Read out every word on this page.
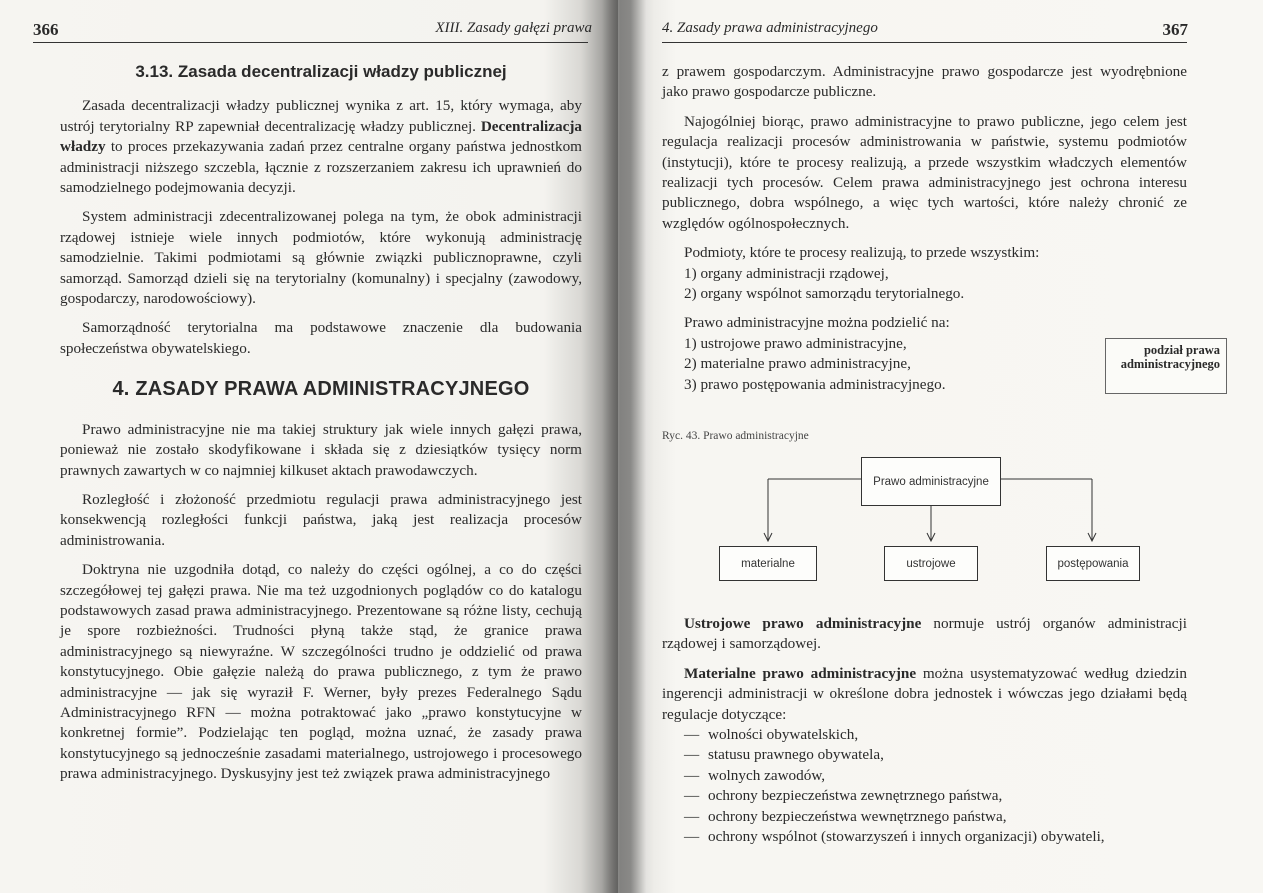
366	XIII. Zasady gałęzi prawa

3.13. Zasada decentralizacji władzy publicznej

Zasada decentralizacji władzy publicznej wynika z art. 15, który wymaga, aby ustrój terytorialny RP zapewniał decentralizację władzy publicznej. Decentralizacja władzy to proces przekazywania zadań przez centralne organy państwa jednostkom administracji niższego szczebla, łącznie z rozszerzaniem zakresu ich uprawnień do samodzielnego podejmowania decyzji.

System administracji zdecentralizowanej polega na tym, że obok administracji rządowej istnieje wiele innych podmiotów, które wykonują administrację samodzielnie. Takimi podmiotami są głównie związki publicznoprawne, czyli samorząd. Samorząd dzieli się na terytorialny (komunalny) i specjalny (zawodowy, gospodarczy, narodowościowy).

Samorządność terytorialna ma podstawowe znaczenie dla budowania społeczeństwa obywatelskiego.

4. ZASADY PRAWA ADMINISTRACYJNEGO

Prawo administracyjne nie ma takiej struktury jak wiele innych gałęzi prawa, ponieważ nie zostało skodyfikowane i składa się z dziesiątków tysięcy norm prawnych zawartych w co najmniej kilkuset aktach prawodawczych.

Rozległość i złożoność przedmiotu regulacji prawa administracyjnego jest konsekwencją rozległości funkcji państwa, jaką jest realizacja procesów administrowania.

Doktryna nie uzgodniła dotąd, co należy do części ogólnej, a co do części szczegółowej tej gałęzi prawa. Nie ma też uzgodnionych poglądów co do katalogu podstawowych zasad prawa administracyjnego. Prezentowane są różne listy, cechują je spore rozbieżności. Trudności płyną także stąd, że granice prawa administracyjnego są niewyraźne. W szczególności trudno je oddzielić od prawa konstytucyjnego. Obie gałęzie należą do prawa publicznego, z tym że prawo administracyjne — jak się wyraził F. Werner, były prezes Federalnego Sądu Administracyjnego RFN — można potraktować jako „prawo konstytucyjne w konkretnej formie”. Podzielając ten pogląd, można uznać, że zasady prawa konstytucyjnego są jednocześnie zasadami materialnego, ustrojowego i procesowego prawa administracyjnego. Dyskusyjny jest też związek prawa administracyjnego

4. Zasady prawa administracyjnego	367

z prawem gospodarczym. Administracyjne prawo gospodarcze jest wyodrębnione jako prawo gospodarcze publiczne.

Najogólniej biorąc, prawo administracyjne to prawo publiczne, jego celem jest regulacja realizacji procesów administrowania w państwie, systemu podmiotów (instytucji), które te procesy realizują, a przede wszystkim władczych elementów realizacji tych procesów. Celem prawa administracyjnego jest ochrona interesu publicznego, dobra wspólnego, a więc tych wartości, które należy chronić ze względów ogólnospołecznych.

Podmioty, które te procesy realizują, to przede wszystkim:

1) organy administracji rządowej,
2) organy wspólnot samorządu terytorialnego.

Prawo administracyjne można podzielić na:

1) ustrojowe prawo administracyjne,
2) materialne prawo administracyjne,
3) prawo postępowania administracyjnego.
podział prawa administracyjnego
Ryc. 43. Prawo administracyjne
Prawo administracyjne
materialne	ustrojowe	postępowania

Ustrojowe prawo administracyjne normuje ustrój organów administracji rządowej i samorządowej.

Materialne prawo administracyjne można usystematyzować według dziedzin ingerencji administracji w określone dobra jednostek i wówczas jego działami będą regulacje dotyczące:

— wolności obywatelskich,
— statusu prawnego obywatela,
— wolnych zawodów,
— ochrony bezpieczeństwa zewnętrznego państwa,
— ochrony bezpieczeństwa wewnętrznego państwa,
— ochrony wspólnot (stowarzyszeń i innych organizacji) obywateli,
